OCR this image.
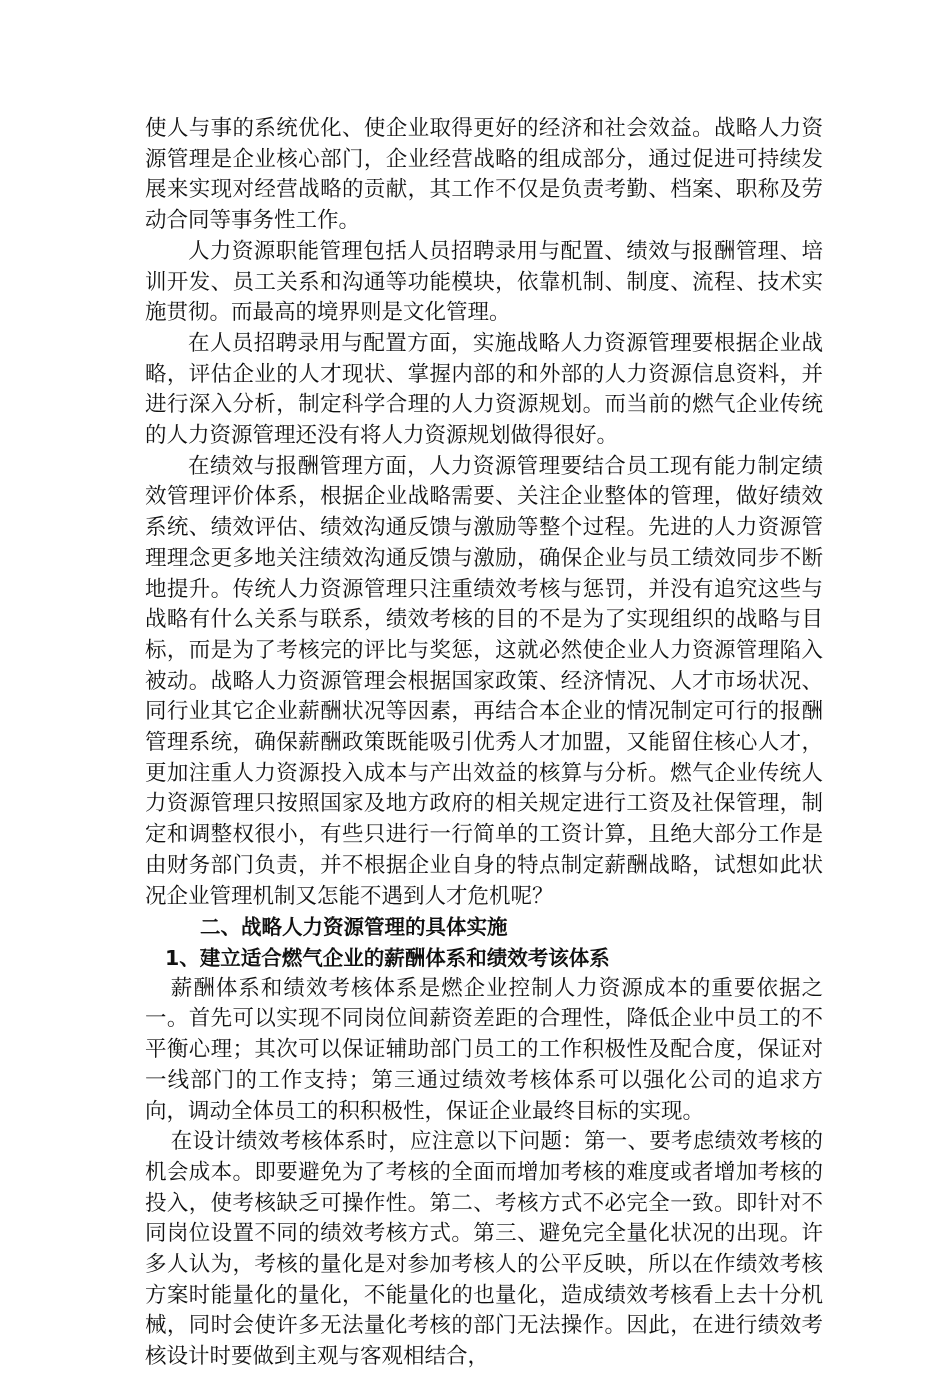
使人与事的系统优化、使企业取得更好的经济和社会效益。战略人力资源管理是企业核心部门，企业经营战略的组成部分，通过促进可持续发展来实现对经营战略的贡献，其工作不仅是负责考勤、档案、职称及劳动合同等事务性工作。

人力资源职能管理包括人员招聘录用与配置、绩效与报酬管理、培训开发、员工关系和沟通等功能模块，依靠机制、制度、流程、技术实施贯彻。而最高的境界则是文化管理。

在人员招聘录用与配置方面，实施战略人力资源管理要根据企业战略，评估企业的人才现状、掌握内部的和外部的人力资源信息资料，并进行深入分析，制定科学合理的人力资源规划。而当前的燃气企业传统的人力资源管理还没有将人力资源规划做得很好。

在绩效与报酬管理方面，人力资源管理要结合员工现有能力制定绩效管理评价体系，根据企业战略需要、关注企业整体的管理，做好绩效系统、绩效评估、绩效沟通反馈与激励等整个过程。先进的人力资源管理理念更多地关注绩效沟通反馈与激励，确保企业与员工绩效同步不断地提升。传统人力资源管理只注重绩效考核与惩罚，并没有追究这些与战略有什么关系与联系，绩效考核的目的不是为了实现组织的战略与目标，而是为了考核完的评比与奖惩，这就必然使企业人力资源管理陷入被动。战略人力资源管理会根据国家政策、经济情况、人才市场状况、同行业其它企业薪酬状况等因素，再结合本企业的情况制定可行的报酬管理系统，确保薪酬政策既能吸引优秀人才加盟，又能留住核心人才，更加注重人力资源投入成本与产出效益的核算与分析。燃气企业传统人力资源管理只按照国家及地方政府的相关规定进行工资及社保管理，制定和调整权很小，有些只进行一行简单的工资计算，且绝大部分工作是由财务部门负责，并不根据企业自身的特点制定薪酬战略，试想如此状况企业管理机制又怎能不遇到人才危机呢？

二、战略人力资源管理的具体实施

1、建立适合燃气企业的薪酬体系和绩效考该体系

薪酬体系和绩效考核体系是燃企业控制人力资源成本的重要依据之一。首先可以实现不同岗位间薪资差距的合理性，降低企业中员工的不平衡心理；其次可以保证辅助部门员工的工作积极性及配合度，保证对一线部门的工作支持；第三通过绩效考核体系可以强化公司的追求方向，调动全体员工的积积极性，保证企业最终目标的实现。

在设计绩效考核体系时，应注意以下问题：第一、要考虑绩效考核的机会成本。即要避免为了考核的全面而增加考核的难度或者增加考核的投入，使考核缺乏可操作性。第二、考核方式不必完全一致。即针对不同岗位设置不同的绩效考核方式。第三、避免完全量化状况的出现。许多人认为，考核的量化是对参加考核人的公平反映，所以在作绩效考核方案时能量化的量化，不能量化的也量化，造成绩效考核看上去十分机械，同时会使许多无法量化考核的部门无法操作。因此，在进行绩效考核设计时要做到主观与客观相结合，
